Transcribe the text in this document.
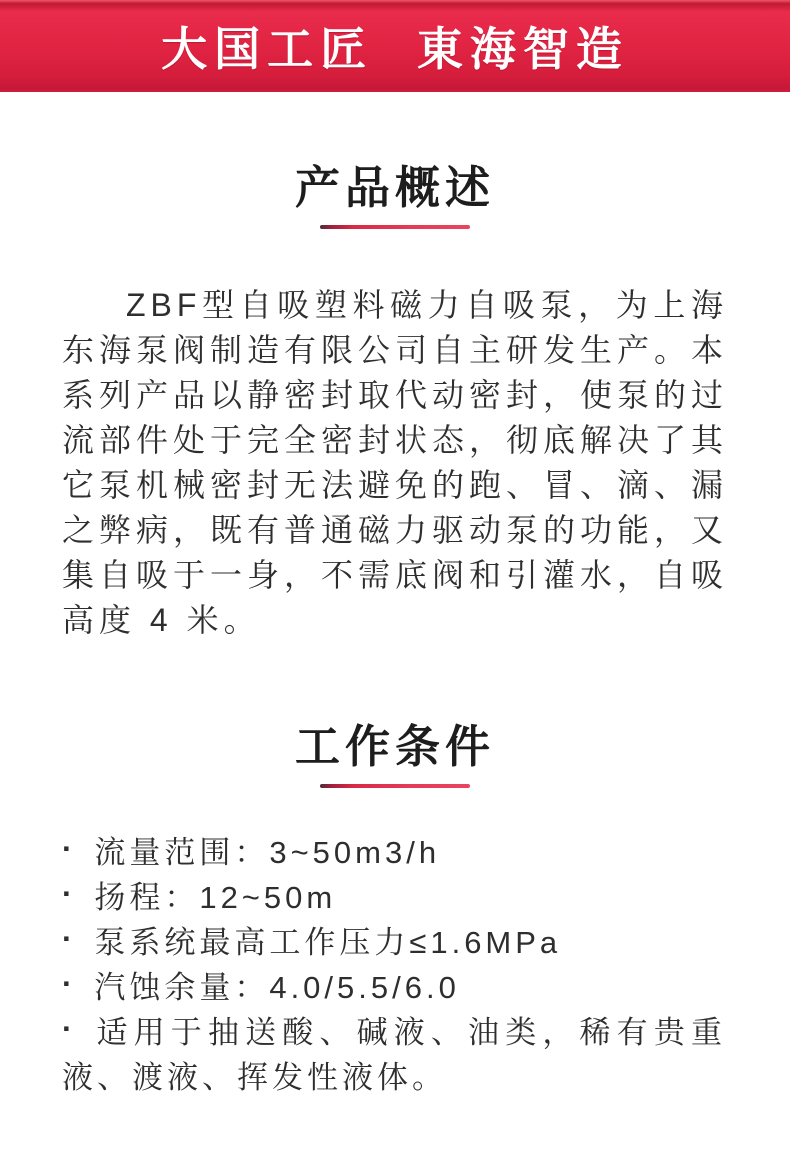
大国工匠 東海智造
产品概述

ZBF型自吸塑料磁力自吸泵，为上海东海泵阀制造有限公司自主研发生产。本系列产品以静密封取代动密封，使泵的过流部件处于完全密封状态，彻底解决了其它泵机械密封无法避免的跑、冒、滴、漏之弊病，既有普通磁力驱动泵的功能，又集自吸于一身，不需底阀和引灌水，自吸高度 4 米。

工作条件
· 流量范围：3~50m3/h
· 扬程：12~50m
· 泵系统最高工作压力≤1.6MPa
· 汽蚀余量：4.0/5.5/6.0
· 适用于抽送酸、碱液、油类，稀有贵重液、渡液、挥发性液体。
